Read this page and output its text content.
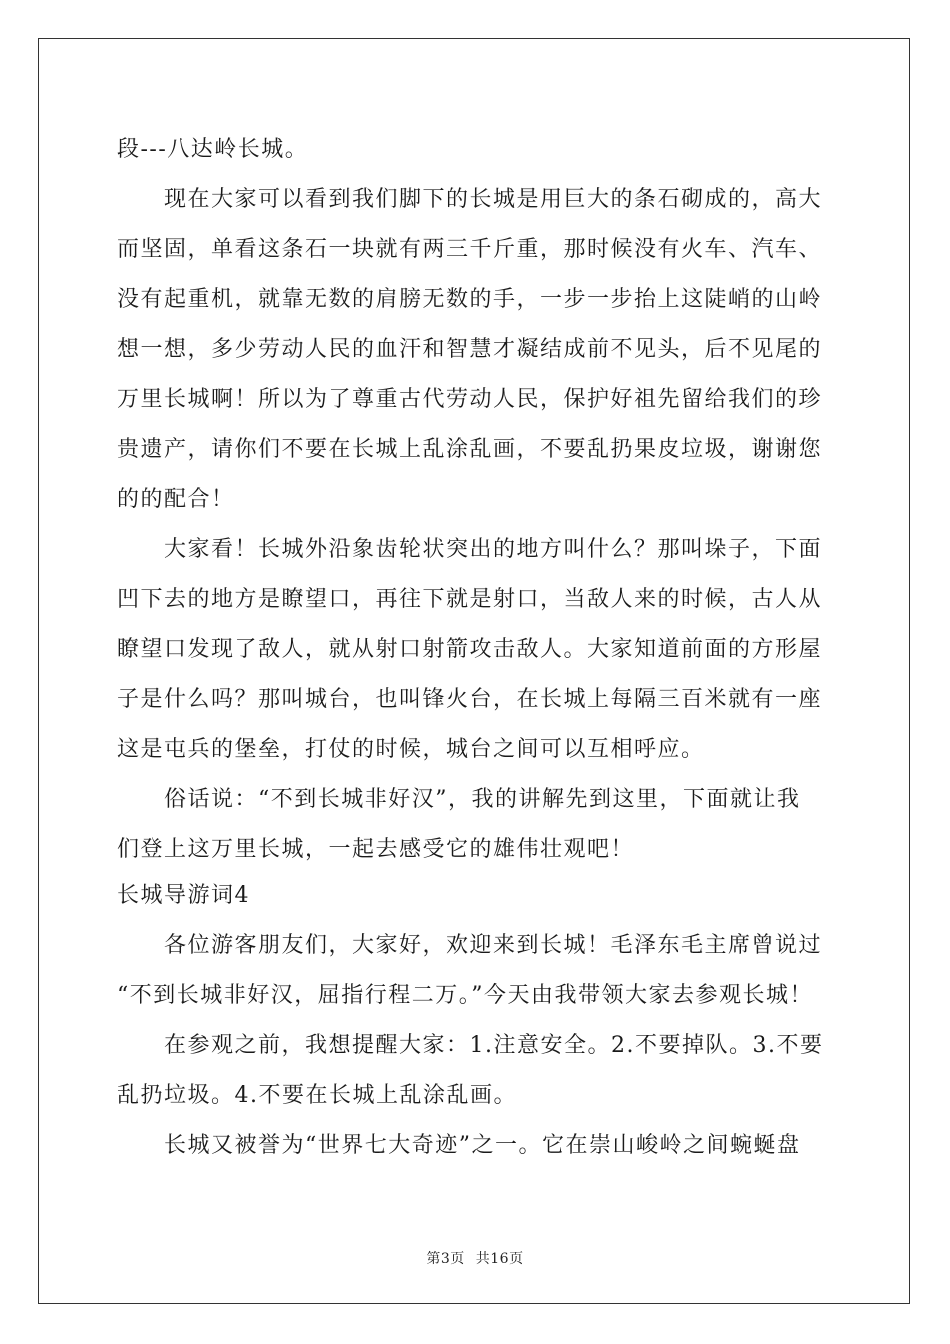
段---八达岭长城。
现在大家可以看到我们脚下的长城是用巨大的条石砌成的，高大
而坚固，单看这条石一块就有两三千斤重，那时候没有火车、汽车、
没有起重机，就靠无数的肩膀无数的手，一步一步抬上这陡峭的山岭
想一想，多少劳动人民的血汗和智慧才凝结成前不见头，后不见尾的
万里长城啊！所以为了尊重古代劳动人民，保护好祖先留给我们的珍
贵遗产，请你们不要在长城上乱涂乱画，不要乱扔果皮垃圾，谢谢您
的的配合！
大家看！长城外沿象齿轮状突出的地方叫什么？那叫垛子，下面
凹下去的地方是瞭望口，再往下就是射口，当敌人来的时候，古人从
瞭望口发现了敌人，就从射口射箭攻击敌人。大家知道前面的方形屋
子是什么吗？那叫城台，也叫锋火台，在长城上每隔三百米就有一座
这是屯兵的堡垒，打仗的时候，城台之间可以互相呼应。
俗话说：“不到长城非好汉”，我的讲解先到这里，下面就让我
们登上这万里长城，一起去感受它的雄伟壮观吧！
长城导游词4
各位游客朋友们，大家好，欢迎来到长城！毛泽东毛主席曾说过
“不到长城非好汉，屈指行程二万。”今天由我带领大家去参观长城！
在参观之前，我想提醒大家：1.注意安全。2.不要掉队。3.不要
乱扔垃圾。4.不要在长城上乱涂乱画。
长城又被誉为“世界七大奇迹”之一。它在崇山峻岭之间蜿蜒盘
第3页 共16页
